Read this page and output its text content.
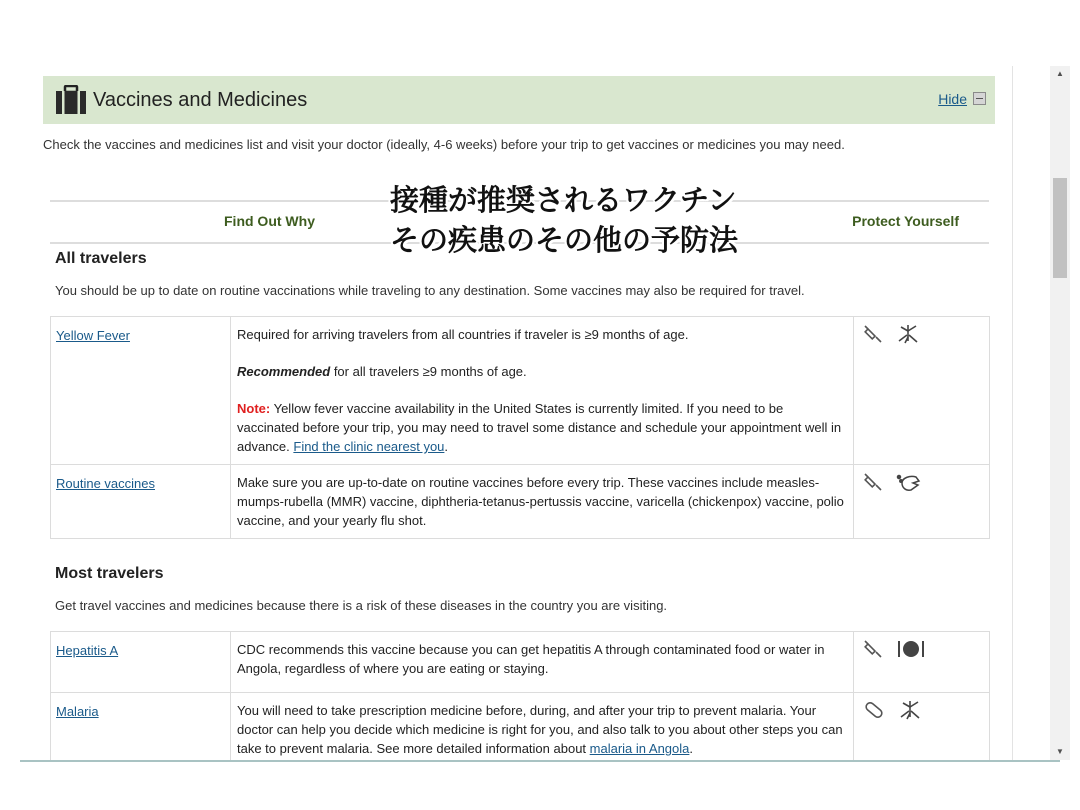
Vaccines and Medicines	Hide
Check the vaccines and medicines list and visit your doctor (ideally, 4-6 weeks) before your trip to get vaccines or medicines you may need.
Find Out Why	Protect Yourself
All travelers
You should be up to date on routine vaccinations while traveling to any destination. Some vaccines may also be required for travel.
Yellow Fever	Required for arriving travelers from all countries if traveler is ≥9 months of age.

Recommended for all travelers ≥9 months of age.

Note: Yellow fever vaccine availability in the United States is currently limited. If you need to be vaccinated before your trip, you may need to travel some distance and schedule your appointment well in advance. Find the clinic nearest you.

Routine vaccines	Make sure you are up-to-date on routine vaccines before every trip. These vaccines include measles-mumps-rubella (MMR) vaccine, diphtheria-tetanus-pertussis vaccine, varicella (chickenpox) vaccine, polio vaccine, and your yearly flu shot.

Most travelers
Get travel vaccines and medicines because there is a risk of these diseases in the country you are visiting.
Hepatitis A	CDC recommends this vaccine because you can get hepatitis A through contaminated food or water in Angola, regardless of where you are eating or staying.

Malaria	You will need to take prescription medicine before, during, and after your trip to prevent malaria. Your doctor can help you decide which medicine is right for you, and also talk to you about other steps you can take to prevent malaria. See more detailed information about malaria in Angola.

接種が推奨されるワクチン
その疾患のその他の予防法
▲
▼
